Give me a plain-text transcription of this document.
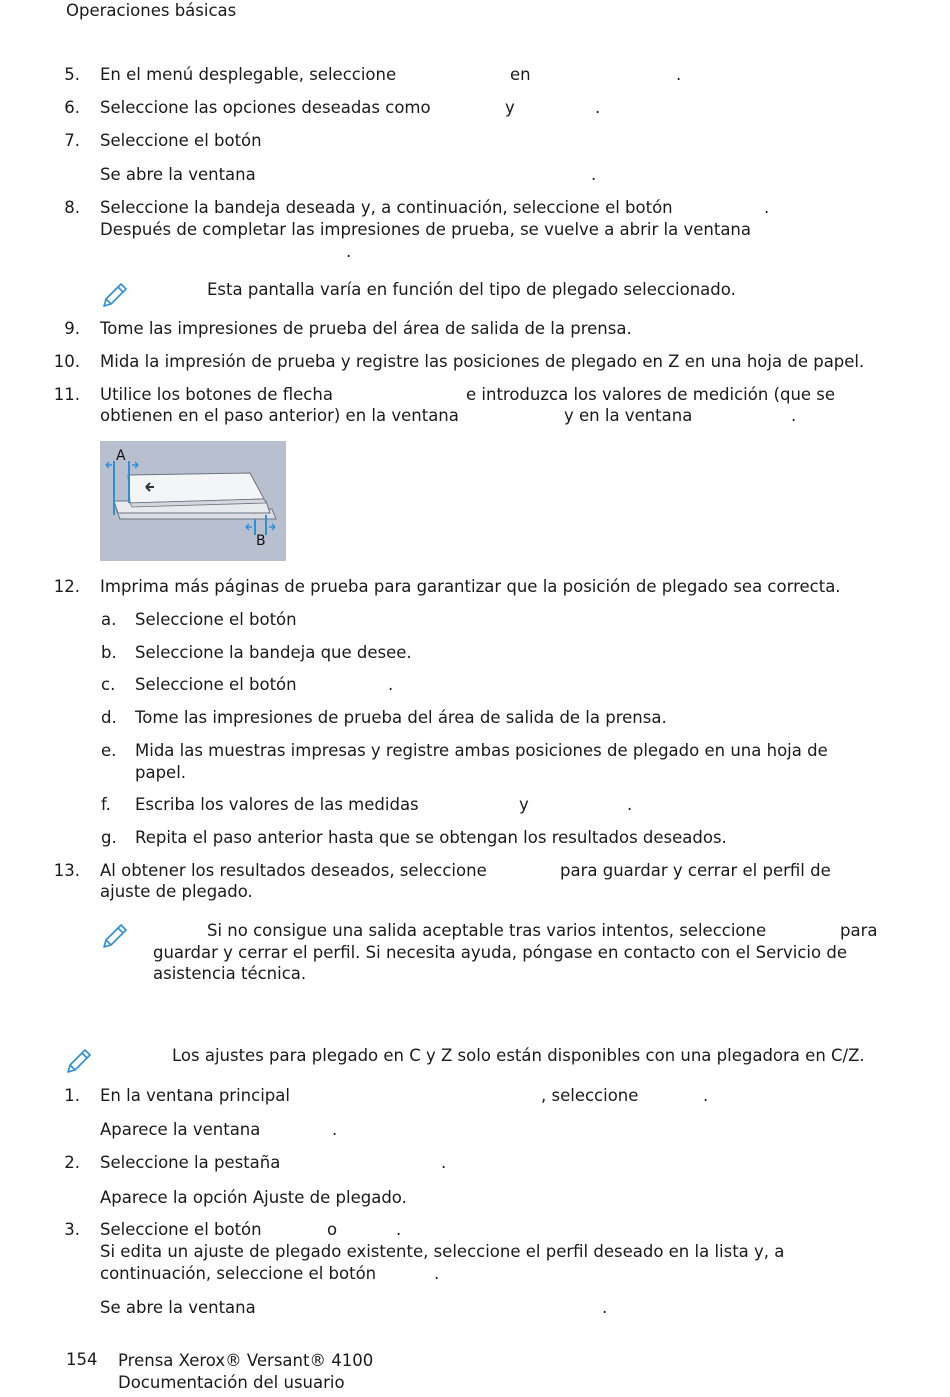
Operaciones básicas
5. En el menú desplegable, seleccione	en	.
6. Seleccione las opciones deseadas como	y	.
7. Seleccione el botón
Se abre la ventana	.
8. Seleccione la bandeja deseada y, a continuación, seleccione el botón	.
Después de completar las impresiones de prueba, se vuelve a abrir la ventana
.
Esta pantalla varía en función del tipo de plegado seleccionado.
9. Tome las impresiones de prueba del área de salida de la prensa.
10. Mida la impresión de prueba y registre las posiciones de plegado en Z en una hoja de papel.
11. Utilice los botones de flecha	e introduzca los valores de medición (que se
obtienen en el paso anterior) en la ventana	y en la ventana	.
A
B
12. Imprima más páginas de prueba para garantizar que la posición de plegado sea correcta.
a. Seleccione el botón
b. Seleccione la bandeja que desee.
c. Seleccione el botón	.
d. Tome las impresiones de prueba del área de salida de la prensa.
e. Mida las muestras impresas y registre ambas posiciones de plegado en una hoja de
papel.
f. Escriba los valores de las medidas	y	.
g. Repita el paso anterior hasta que se obtengan los resultados deseados.
13. Al obtener los resultados deseados, seleccione	para guardar y cerrar el perfil de
ajuste de plegado.
Si no consigue una salida aceptable tras varios intentos, seleccione	para
guardar y cerrar el perfil. Si necesita ayuda, póngase en contacto con el Servicio de
asistencia técnica.
Los ajustes para plegado en C y Z solo están disponibles con una plegadora en C/Z.
1. En la ventana principal	, seleccione	.
Aparece la ventana	.
2. Seleccione la pestaña	.
Aparece la opción Ajuste de plegado.
3. Seleccione el botón	o	.
Si edita un ajuste de plegado existente, seleccione el perfil deseado en la lista y, a
continuación, seleccione el botón	.
Se abre la ventana	.
154 Prensa Xerox® Versant® 4100
Documentación del usuario
